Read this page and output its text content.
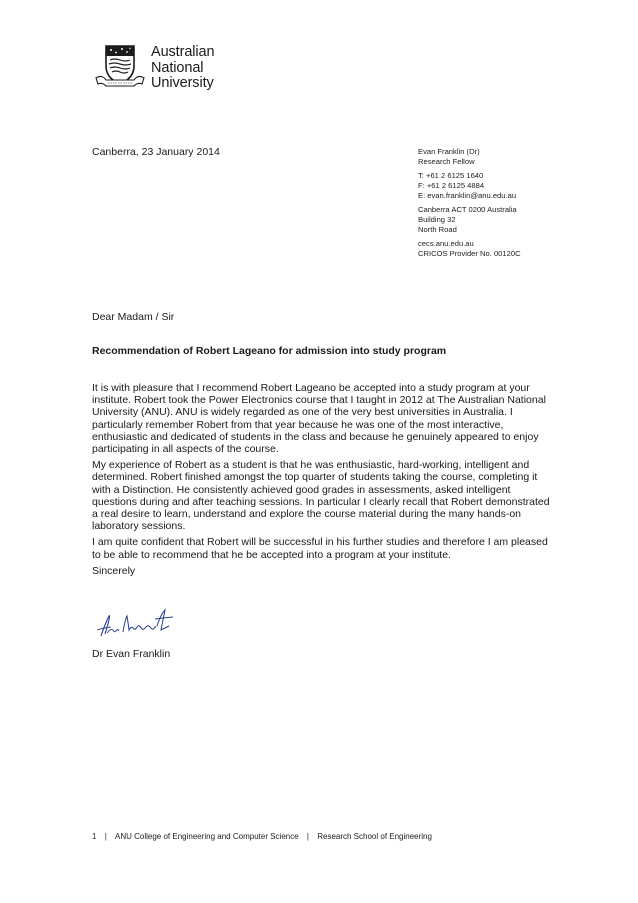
Australian
National
University
Canberra, 23 January 2014	Evan Franklin (Dr)
Research Fellow
T: +61 2 6125 1640
F: +61 2 6125 4884
E: evan.franklin@anu.edu.au
Canberra ACT 0200 Australia
Building 32
North Road
cecs.anu.edu.au
CRICOS Provider No. 00120C
Dear Madam / Sir
Recommendation of Robert Lageano for admission into study program

It is with pleasure that I recommend Robert Lageano be accepted into a study program at your institute. Robert took the Power Electronics course that I taught in 2012 at The Australian National University (ANU). ANU is widely regarded as one of the very best universities in Australia. I particularly remember Robert from that year because he was one of the most interactive, enthusiastic and dedicated of students in the class and because he genuinely appeared to enjoy participating in all aspects of the course.

My experience of Robert as a student is that he was enthusiastic, hard-working, intelligent and determined. Robert finished amongst the top quarter of students taking the course, completing it with a Distinction. He consistently achieved good grades in assessments, asked intelligent questions during and after teaching sessions. In particular I clearly recall that Robert demonstrated a real desire to learn, understand and explore the course material during the many hands-on laboratory sessions.

I am quite confident that Robert will be successful in his further studies and therefore I am pleased to be able to recommend that he be accepted into a program at your institute.

Sincerely

Dr Evan Franklin
1 | ANU College of Engineering and Computer Science | Research School of Engineering
